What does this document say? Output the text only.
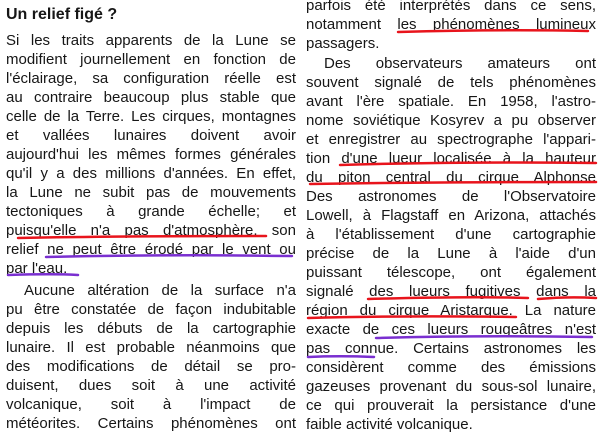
Un relief figé ?
Si les traits apparents de la Lune se
modifient journellement en fonction de
l'éclairage, sa configuration réelle est
au contraire beaucoup plus stable que
celle de la Terre. Les cirques, montagnes
et vallées lunaires doivent avoir
aujourd'hui les mêmes formes générales
qu'il y a des millions d'années. En effet,
la Lune ne subit pas de mouvements
tectoniques à grande échelle; et
puisqu'elle n'a pas d'atmosphère, son
relief ne peut être érodé par le vent ou
par l'eau.
Aucune altération de la surface n'a
pu être constatée de façon indubitable
depuis les débuts de la cartographie
lunaire. Il est probable néanmoins que
des modifications de détail se pro-
duisent, dues soit à une activité
volcanique, soit à l'impact de
météorites. Certains phénomènes ont
parfois été interprétés dans ce sens,
notamment les phénomènes lumineux
passagers.
Des observateurs amateurs ont
souvent signalé de tels phénomènes
avant l'ère spatiale. En 1958, l'astro-
nome soviétique Kosyrev a pu observer
et enregistrer au spectrographe l'appari-
tion d'une lueur localisée à la hauteur
du piton central du cirque Alphonse
Des astronomes de l'Observatoire
Lowell, à Flagstaff en Arizona, attachés
à l'établissement d'une cartographie
précise de la Lune à l'aide d'un
puissant télescope, ont également
signalé des lueurs fugitives dans la
région du cirque Aristarque. La nature
exacte de ces lueurs rougeâtres n'est
pas connue. Certains astronomes les
considèrent comme des émissions
gazeuses provenant du sous-sol lunaire,
ce qui prouverait la persistance d'une
faible activité volcanique.
